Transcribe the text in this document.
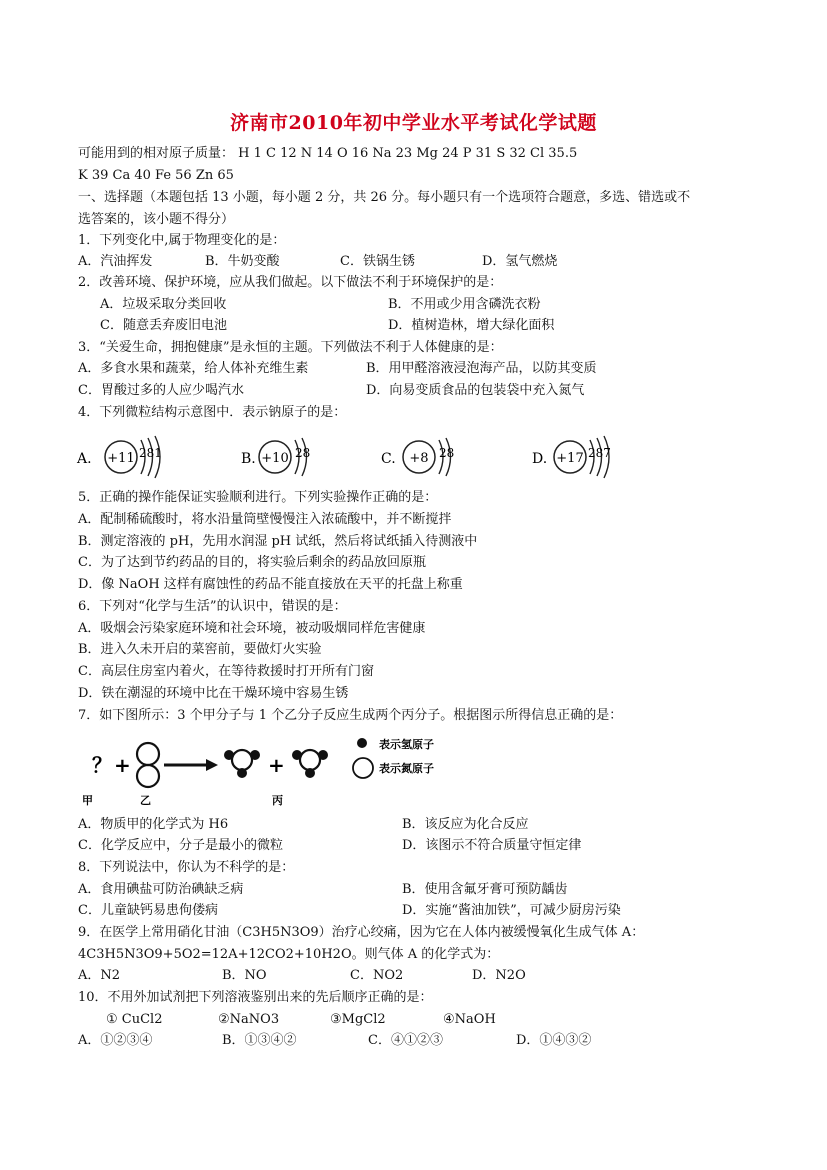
济南市2010年初中学业水平考试化学试题
可能用到的相对原子质量： H 1 C 12 N 14 O 16 Na 23 Mg 24 P 31 S 32 Cl 35.5
K 39 Ca 40 Fe 56 Zn 65
一、选择题（本题包括 13 小题，每小题 2 分，共 26 分。每小题只有一个选项符合题意，多选、错选或不
选答案的，该小题不得分）
1．下列变化中,属于物理变化的是：
A．汽油挥发	B．牛奶变酸	C．铁锅生锈	D．氢气燃烧
2．改善环境、保护环境，应从我们做起。以下做法不利于环境保护的是：
A．垃圾采取分类回收	B．不用或少用含磷洗衣粉
C．随意丢弃废旧电池	D．植树造林，增大绿化面积
3．“关爱生命，拥抱健康”是永恒的主题。下列做法不利于人体健康的是：
A．多食水果和蔬菜，给人体补充维生素	B．用甲醛溶液浸泡海产品，以防其变质
C．胃酸过多的人应少喝汽水	D．向易变质食品的包装袋中充入氮气
4．下列微粒结构示意图中．表示钠原子的是：
A. +11 281	B. +10 28	C. +8 28	D. +17 287
5．正确的操作能保证实验顺利进行。下列实验操作正确的是：
A．配制稀硫酸时，将水沿量筒壁慢慢注入浓硫酸中，并不断搅拌
B．测定溶液的 pH，先用水润湿 pH 试纸，然后将试纸插入待测液中
C．为了达到节约药品的目的，将实验后剩余的药品放回原瓶
D．像 NaOH 这样有腐蚀性的药品不能直接放在天平的托盘上称重
6．下列对“化学与生活”的认识中，错误的是：
A．吸烟会污染家庭环境和社会环境，被动吸烟同样危害健康
B．进入久未开启的菜窖前，要做灯火实验
C．高层住房室内着火，在等待救援时打开所有门窗
D．铁在潮湿的环境中比在干燥环境中容易生锈
7．如下图所示：3 个甲分子与 1 个乙分子反应生成两个丙分子。根据图示所得信息正确的是：
？ +	+
表示氢原子
表示氮原子
甲	乙	丙
A．物质甲的化学式为 H6	B．该反应为化合反应
C．化学反应中，分子是最小的微粒	D．该图示不符合质量守恒定律
8．下列说法中，你认为不科学的是：
A．食用碘盐可防治碘缺乏病	B．使用含氟牙膏可预防龋齿
C．儿童缺钙易患佝偻病	D．实施“酱油加铁”，可减少厨房污染
9．在医学上常用硝化甘油（C3H5N3O9）治疗心绞痛，因为它在人体内被缓慢氧化生成气体 A：
4C3H5N3O9+5O2=12A+12CO2+10H2O。则气体 A 的化学式为：
A．N2	B．NO	C．NO2	D．N2O
10．不用外加试剂把下列溶液鉴别出来的先后顺序正确的是：
① CuCl2	②NaNO3	③MgCl2	④NaOH
A．①②③④	B．①③④②	C．④①②③	D．①④③②
